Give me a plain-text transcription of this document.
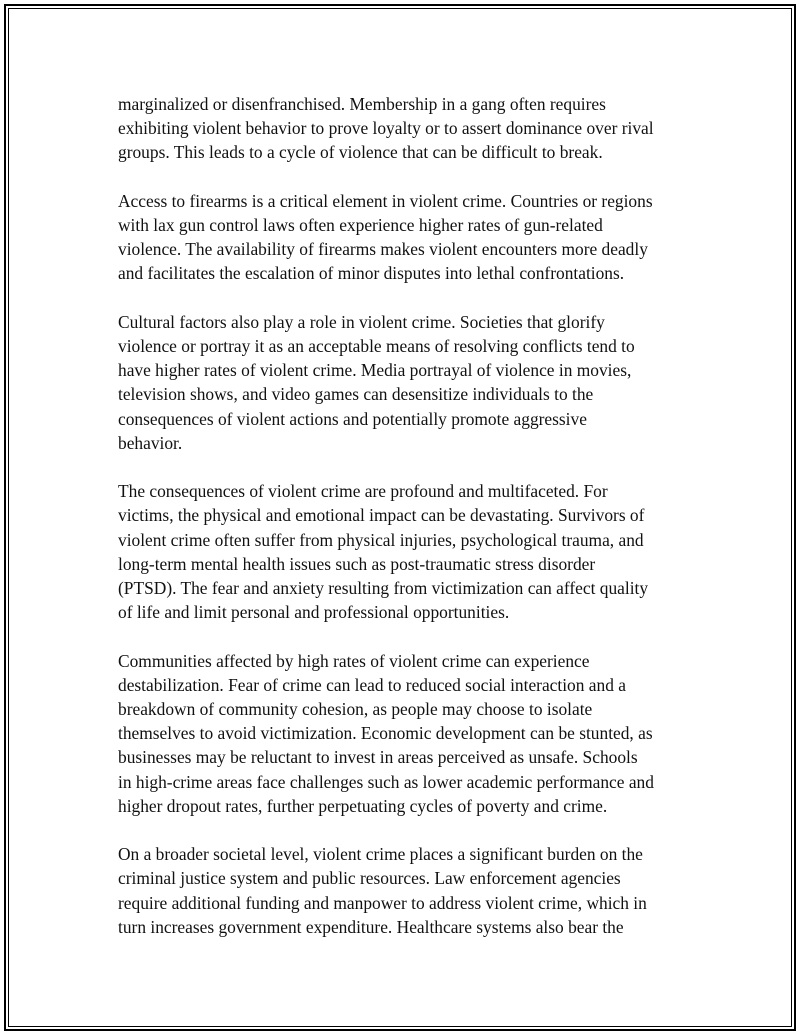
marginalized or disenfranchised. Membership in a gang often requires
exhibiting violent behavior to prove loyalty or to assert dominance over rival
groups. This leads to a cycle of violence that can be difficult to break.

Access to firearms is a critical element in violent crime. Countries or regions
with lax gun control laws often experience higher rates of gun-related
violence. The availability of firearms makes violent encounters more deadly
and facilitates the escalation of minor disputes into lethal confrontations.

Cultural factors also play a role in violent crime. Societies that glorify
violence or portray it as an acceptable means of resolving conflicts tend to
have higher rates of violent crime. Media portrayal of violence in movies,
television shows, and video games can desensitize individuals to the
consequences of violent actions and potentially promote aggressive
behavior.

The consequences of violent crime are profound and multifaceted. For
victims, the physical and emotional impact can be devastating. Survivors of
violent crime often suffer from physical injuries, psychological trauma, and
long-term mental health issues such as post-traumatic stress disorder
(PTSD). The fear and anxiety resulting from victimization can affect quality
of life and limit personal and professional opportunities.

Communities affected by high rates of violent crime can experience
destabilization. Fear of crime can lead to reduced social interaction and a
breakdown of community cohesion, as people may choose to isolate
themselves to avoid victimization. Economic development can be stunted, as
businesses may be reluctant to invest in areas perceived as unsafe. Schools
in high-crime areas face challenges such as lower academic performance and
higher dropout rates, further perpetuating cycles of poverty and crime.

On a broader societal level, violent crime places a significant burden on the
criminal justice system and public resources. Law enforcement agencies
require additional funding and manpower to address violent crime, which in
turn increases government expenditure. Healthcare systems also bear the
